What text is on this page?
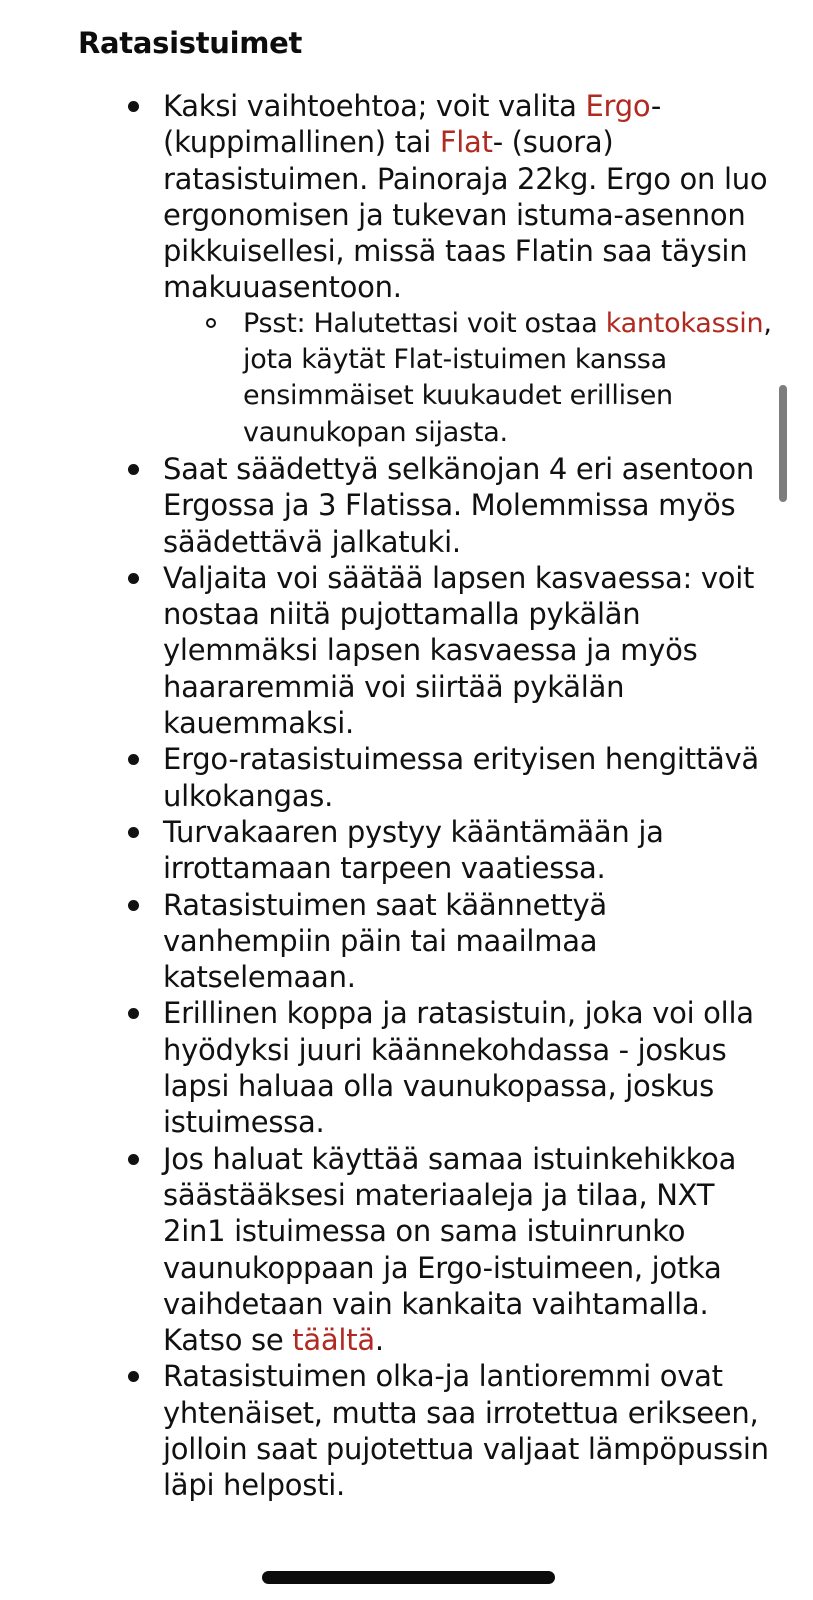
Ratasistuimet
Kaksi vaihtoehtoa; voit valita Ergo- (kuppimallinen) tai Flat- (suora) ratasistuimen. Painoraja 22kg. Ergo on luo ergonomisen ja tukevan istuma-asennon pikkuisellesi, missä taas Flatin saa täysin makuuasentoon.
Psst: Halutettasi voit ostaa kantokassin, jota käytät Flat-istuimen kanssa ensimmäiset kuukaudet erillisen vaunukopan sijasta.
Saat säädettyä selkänojan 4 eri asentoon Ergossa ja 3 Flatissa. Molemmissa myös säädettävä jalkatuki.
Valjaita voi säätää lapsen kasvaessa: voit nostaa niitä pujottamalla pykälän ylemmäksi lapsen kasvaessa ja myös haararemmiä voi siirtää pykälän kauemmaksi.
Ergo-ratasistuimessa erityisen hengittävä ulkokangas.
Turvakaaren pystyy kääntämään ja irrottamaan tarpeen vaatiessa.
Ratasistuimen saat käännettyä vanhempiin päin tai maailmaa katselemaan.
Erillinen koppa ja ratasistuin, joka voi olla hyödyksi juuri käännekohdassa - joskus lapsi haluaa olla vaunukopassa, joskus istuimessa.
Jos haluat käyttää samaa istuinkehikkoa säästääksesi materiaaleja ja tilaa, NXT 2in1 istuimessa on sama istuinrunko vaunukoppaan ja Ergo-istuimeen, jotka vaihdetaan vain kankaita vaihtamalla.

Katso se täältä.

Ratasistuimen olka-ja lantioremmi ovat yhtenäiset, mutta saa irrotettua erikseen, jolloin saat pujotettua valjaat lämpöpussin läpi helposti.
